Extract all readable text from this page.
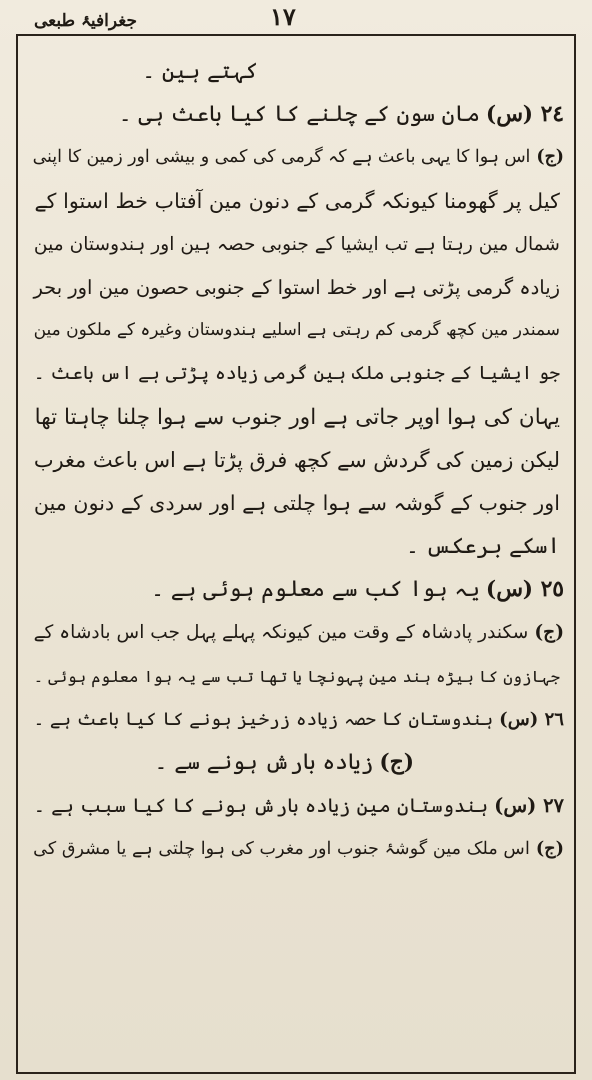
جغرافیۂ طبعی	١٧
کہتے ہین ۔
٢٤ (س)مان سون کے چلنے کا کیا باعث ہی ۔
(ج)اس ہوا کا یہی باعث ہے کہ گرمی کی کمی و بیشی اور زمین کا اپنی
کیل پر گھومنا کیونکہ گرمی کے دنون مین آفتاب خط استوا کے
شمال مین رہتا ہے تب ایشیا کے جنوبی حصہ ہین اور ہندوستان مین
زیادہ گرمی پڑتی ہے اور خط استوا کے جنوبی حصون مین اور بحر
سمندر مین کچھ گرمی کم رہتی ہے اسلیے ہندوستان وغیرہ کے ملکون مین
جو ایشیا کے جنوبی ملک ہین گرمی زیادہ پڑتی ہے اس باعث ۔
یہان کی ہوا اوپر جاتی ہے اور جنوب سے ہوا چلنا چاہتا تھا
لیکن زمین کی گردش سے کچھ فرق پڑتا ہے اس باعث مغرب
اور جنوب کے گوشہ سے ہوا چلتی ہے اور سردی کے دنون مین
اسکے برعکس ۔
٢٥ (س)یہ ہوا کب سے معلوم ہوئی ہے ۔
(ج)سکندر پادشاہ کے وقت مین کیونکہ پہلے پہل جب اس بادشاہ کے
جہازون کا بیڑہ ہند مین پہونچا یا تھا تب سے یہ ہوا معلوم ہوئی ۔
٢٦ (س)ہندوستان کا حصہ زیادہ زرخیز ہونے کا کیا باعث ہے ۔
(ج)زیادہ بارش ہونے سے ۔
٢٧ (س)ہندوستان مین زیادہ بارش ہونے کا کیا سبب ہے ۔
(ج)اس ملک مین گوشۂ جنوب اور مغرب کی ہوا چلتی ہے یا مشرق کی
